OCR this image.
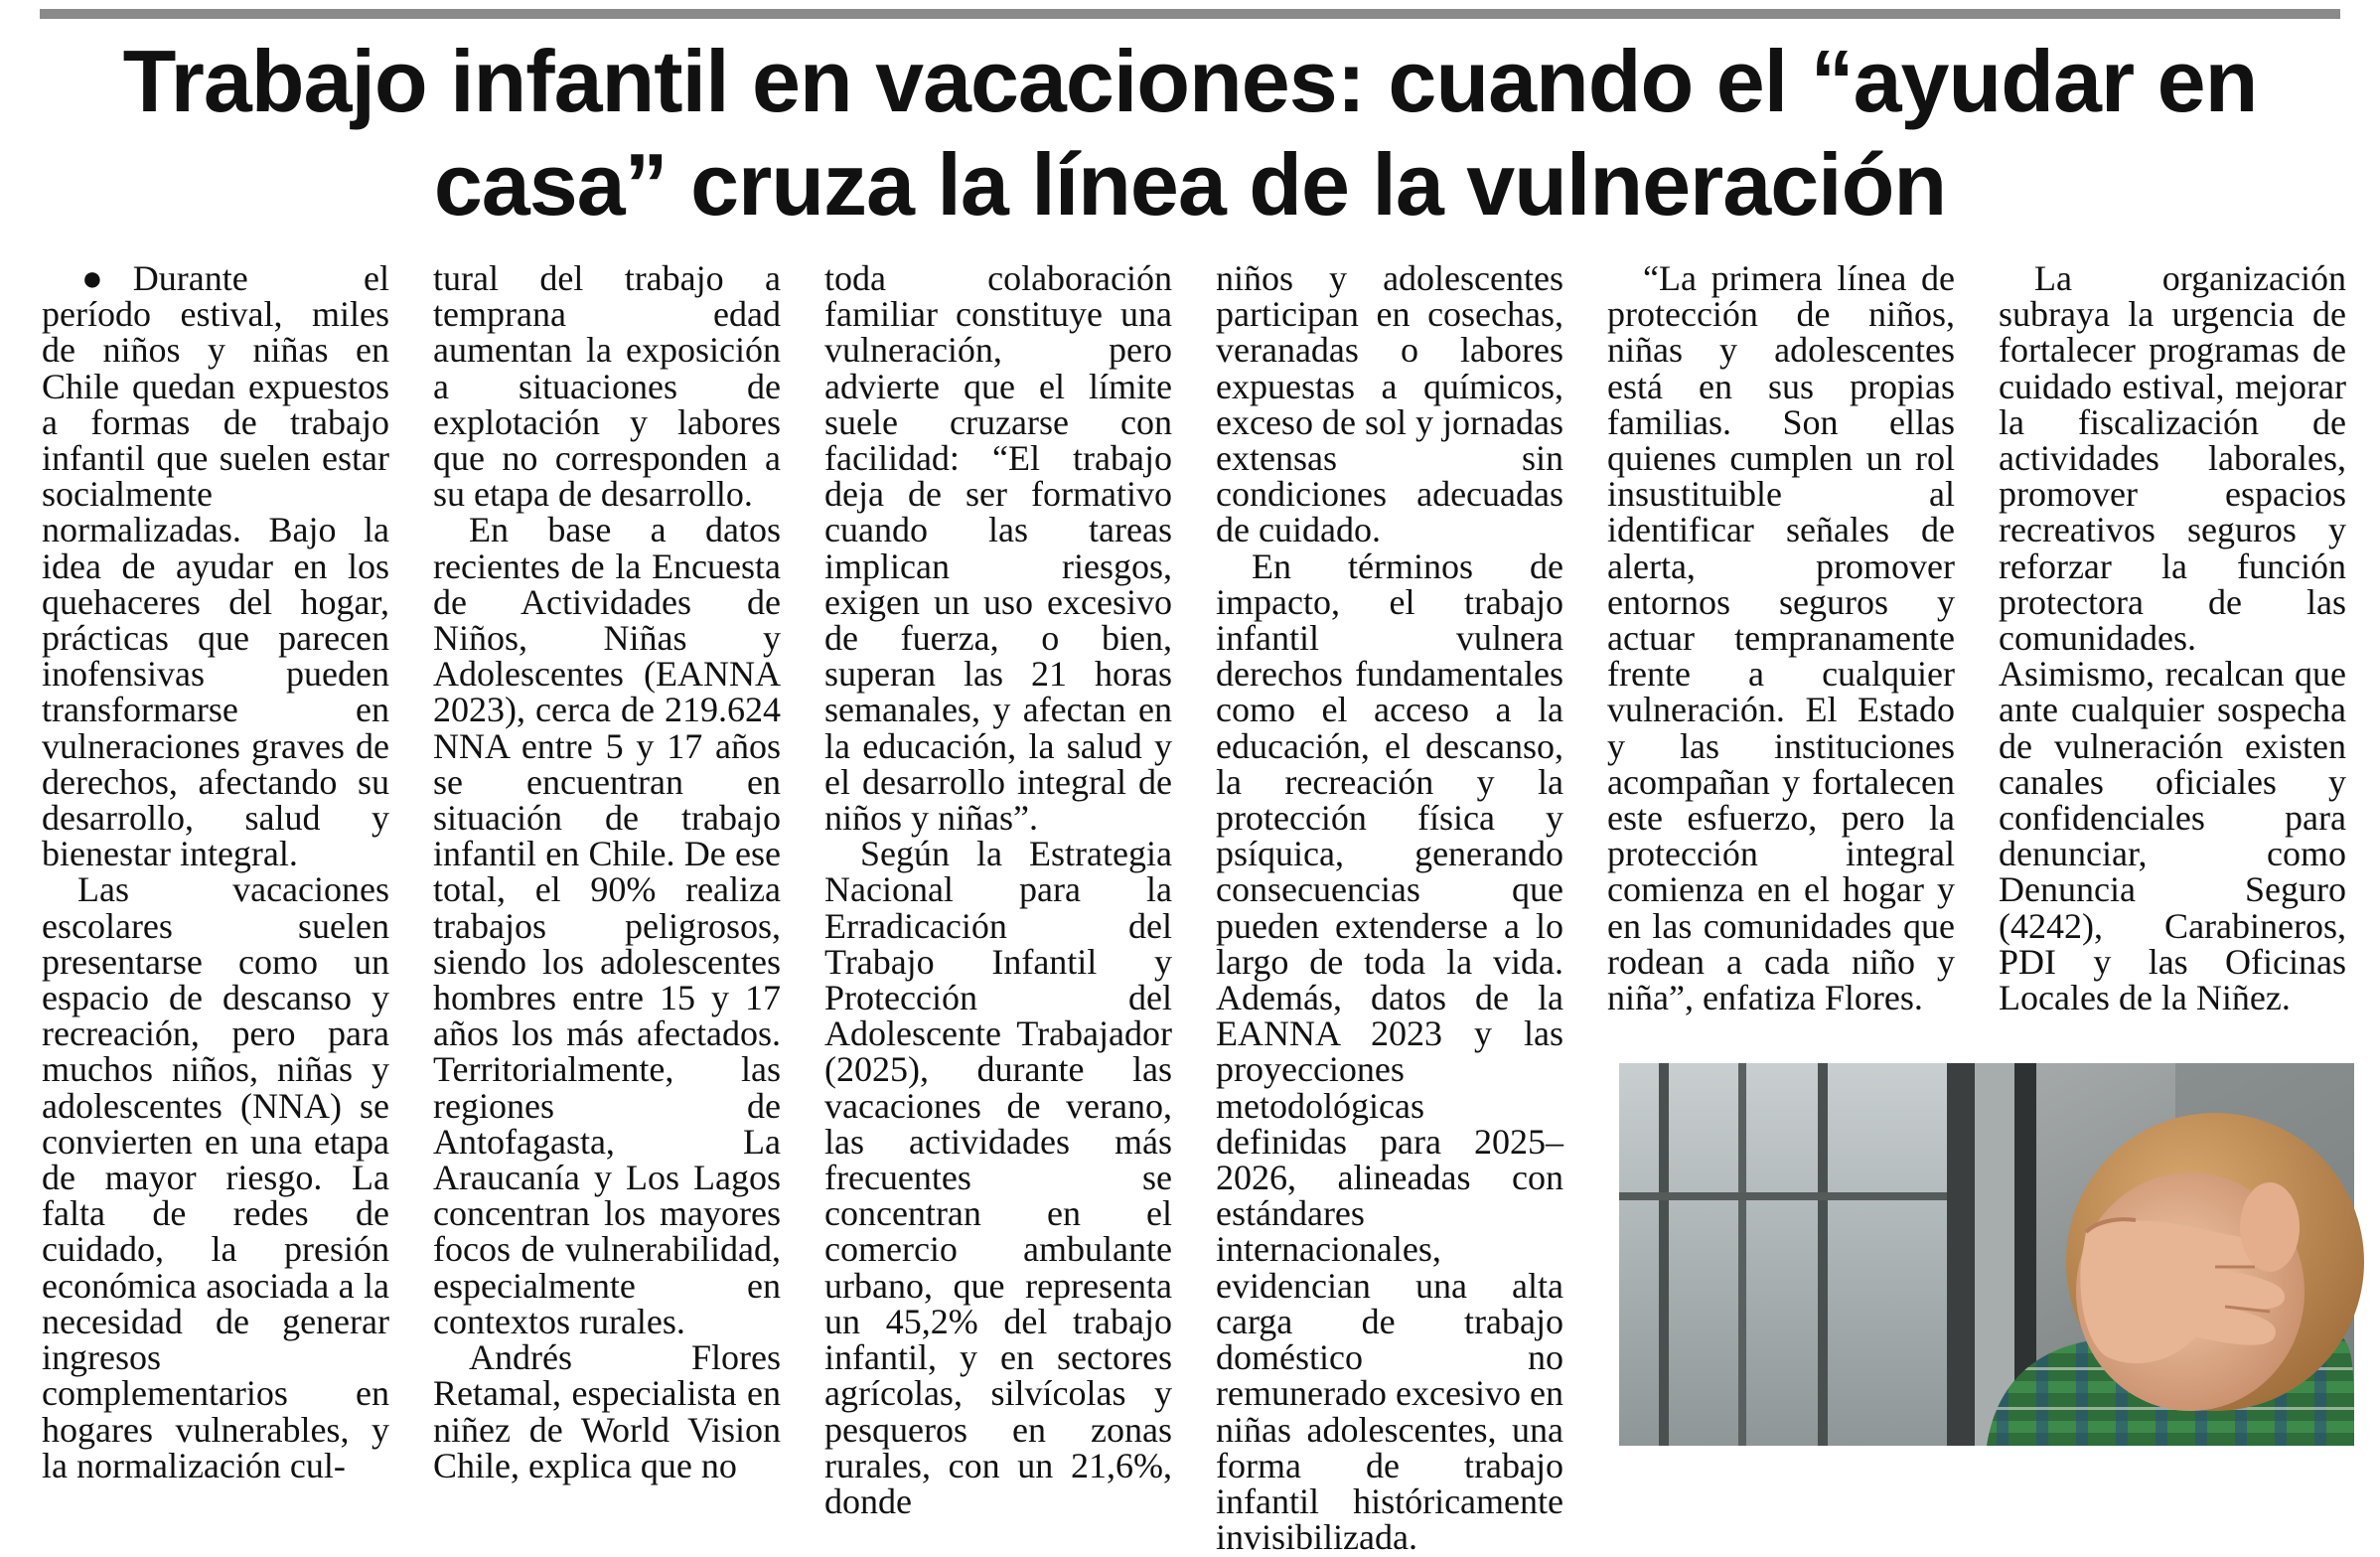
Trabajo infantil en vacaciones: cuando el “ayudar en
casa” cruza la línea de la vulneración

● Durante el período estival, miles de niños y niñas en Chile quedan expuestos a formas de trabajo infantil que suelen estar socialmente normalizadas. Bajo la idea de ayudar en los quehaceres del hogar, prácticas que parecen inofensivas pueden transformarse en vulneraciones graves de derechos, afectando su desarrollo, salud y bienestar integral.

Las vacaciones escolares suelen presentarse como un espacio de descanso y recreación, pero para muchos niños, niñas y adolescentes (NNA) se convierten en una etapa de mayor riesgo. La falta de redes de cuidado, la presión económica asociada a la necesidad de generar ingresos complementarios en hogares vulnerables, y la normalización cul-

tural del trabajo a temprana edad aumentan la exposición a situaciones de explotación y labores que no corresponden a su etapa de desarrollo.

En base a datos recientes de la Encuesta de Actividades de Niños, Niñas y Adolescentes (EANNA 2023), cerca de 219.624 NNA entre 5 y 17 años se encuentran en situación de trabajo infantil en Chile. De ese total, el 90% realiza trabajos peligrosos, siendo los adolescentes hombres entre 15 y 17 años los más afectados. Territorialmente, las regiones de Antofagasta, La Araucanía y Los Lagos concentran los mayores focos de vulnerabilidad, especialmente en contextos rurales.

Andrés Flores Retamal, especialista en niñez de World Vision Chile, explica que no

toda colaboración familiar constituye una vulneración, pero advierte que el límite suele cruzarse con facilidad: “El trabajo deja de ser formativo cuando las tareas implican riesgos, exigen un uso excesivo de fuerza, o bien, superan las 21 horas semanales, y afectan en la educación, la salud y el desarrollo integral de niños y niñas”.

Según la Estrategia Nacional para la Erradicación del Trabajo Infantil y Protección del Adolescente Trabajador (2025), durante las vacaciones de verano, las actividades más frecuentes se concentran en el comercio ambulante urbano, que representa un 45,2% del trabajo infantil, y en sectores agrícolas, silvícolas y pesqueros en zonas rurales, con un 21,6%, donde

niños y adolescentes participan en cosechas, veranadas o labores expuestas a químicos, exceso de sol y jornadas extensas sin condiciones adecuadas de cuidado.

En términos de impacto, el trabajo infantil vulnera derechos fundamentales como el acceso a la educación, el descanso, la recreación y la protección física y psíquica, generando consecuencias que pueden extenderse a lo largo de toda la vida. Además, datos de la EANNA 2023 y las proyecciones metodológicas definidas para 2025–2026, alineadas con estándares internacionales, evidencian una alta carga de trabajo doméstico no remunerado excesivo en niñas adolescentes, una forma de trabajo infantil históricamente invisibilizada.

“La primera línea de protección de niños, niñas y adolescentes está en sus propias familias. Son ellas quienes cumplen un rol insustituible al identificar señales de alerta, promover entornos seguros y actuar tempranamente frente a cualquier vulneración. El Estado y las instituciones acompañan y fortalecen este esfuerzo, pero la protección integral comienza en el hogar y en las comunidades que rodean a cada niño y niña”, enfatiza Flores.

La organización subraya la urgencia de fortalecer programas de cuidado estival, mejorar la fiscalización de actividades laborales, promover espacios recreativos seguros y reforzar la función protectora de las comunidades. Asimismo, recalcan que ante cualquier sospecha de vulneración existen canales oficiales y confidenciales para denunciar, como Denuncia Seguro (4242), Carabineros, PDI y las Oficinas Locales de la Niñez.
